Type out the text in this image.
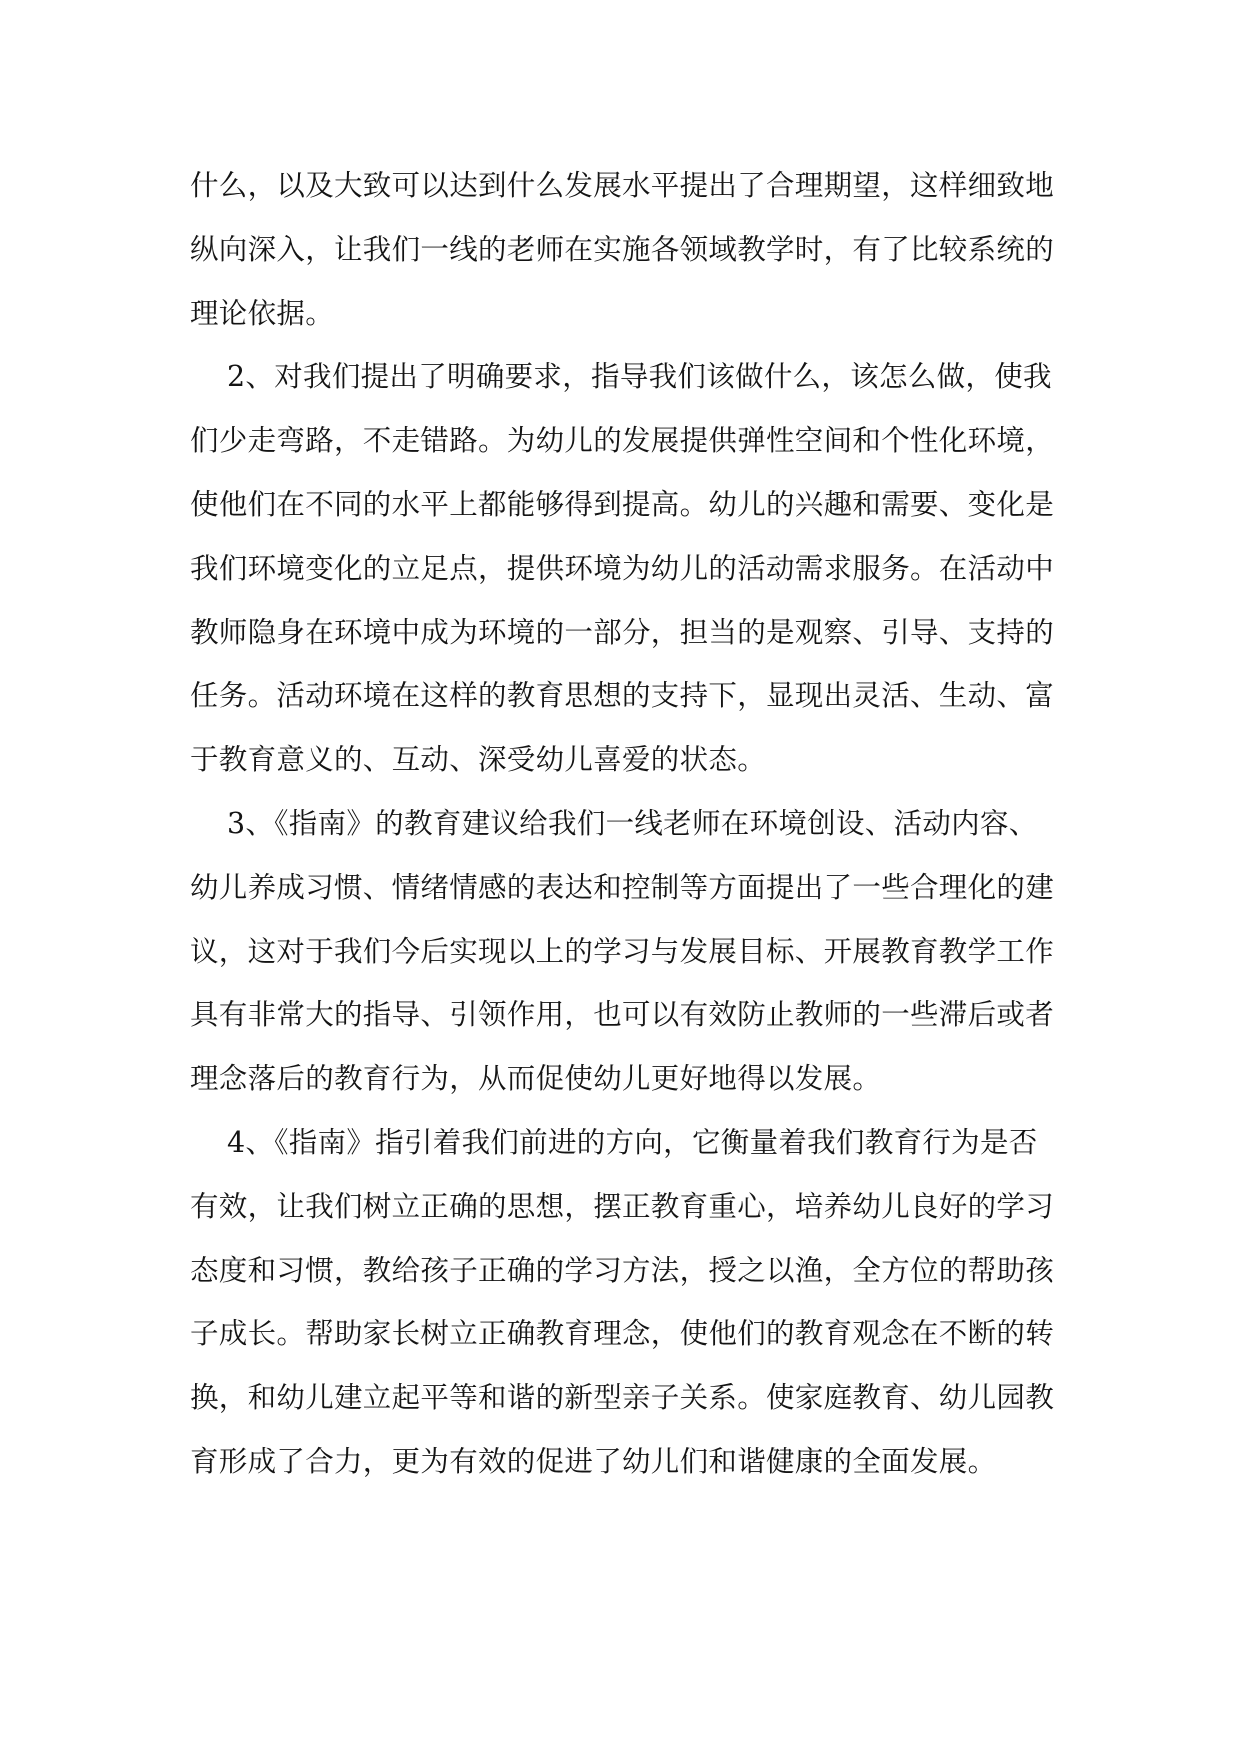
什么，以及大致可以达到什么发展水平提出了合理期望，这样细致地
纵向深入，让我们一线的老师在实施各领域教学时，有了比较系统的
理论依据。
2、对我们提出了明确要求，指导我们该做什么，该怎么做，使我
们少走弯路，不走错路。为幼儿的发展提供弹性空间和个性化环境，
使他们在不同的水平上都能够得到提高。幼儿的兴趣和需要、变化是
我们环境变化的立足点，提供环境为幼儿的活动需求服务。在活动中
教师隐身在环境中成为环境的一部分，担当的是观察、引导、支持的
任务。活动环境在这样的教育思想的支持下，显现出灵活、生动、富
于教育意义的、互动、深受幼儿喜爱的状态。
3、《指南》的教育建议给我们一线老师在环境创设、活动内容、
幼儿养成习惯、情绪情感的表达和控制等方面提出了一些合理化的建
议，这对于我们今后实现以上的学习与发展目标、开展教育教学工作
具有非常大的指导、引领作用，也可以有效防止教师的一些滞后或者
理念落后的教育行为，从而促使幼儿更好地得以发展。
4、《指南》指引着我们前进的方向，它衡量着我们教育行为是否
有效，让我们树立正确的思想，摆正教育重心，培养幼儿良好的学习
态度和习惯，教给孩子正确的学习方法，授之以渔，全方位的帮助孩
子成长。帮助家长树立正确教育理念，使他们的教育观念在不断的转
换，和幼儿建立起平等和谐的新型亲子关系。使家庭教育、幼儿园教
育形成了合力，更为有效的促进了幼儿们和谐健康的全面发展。
